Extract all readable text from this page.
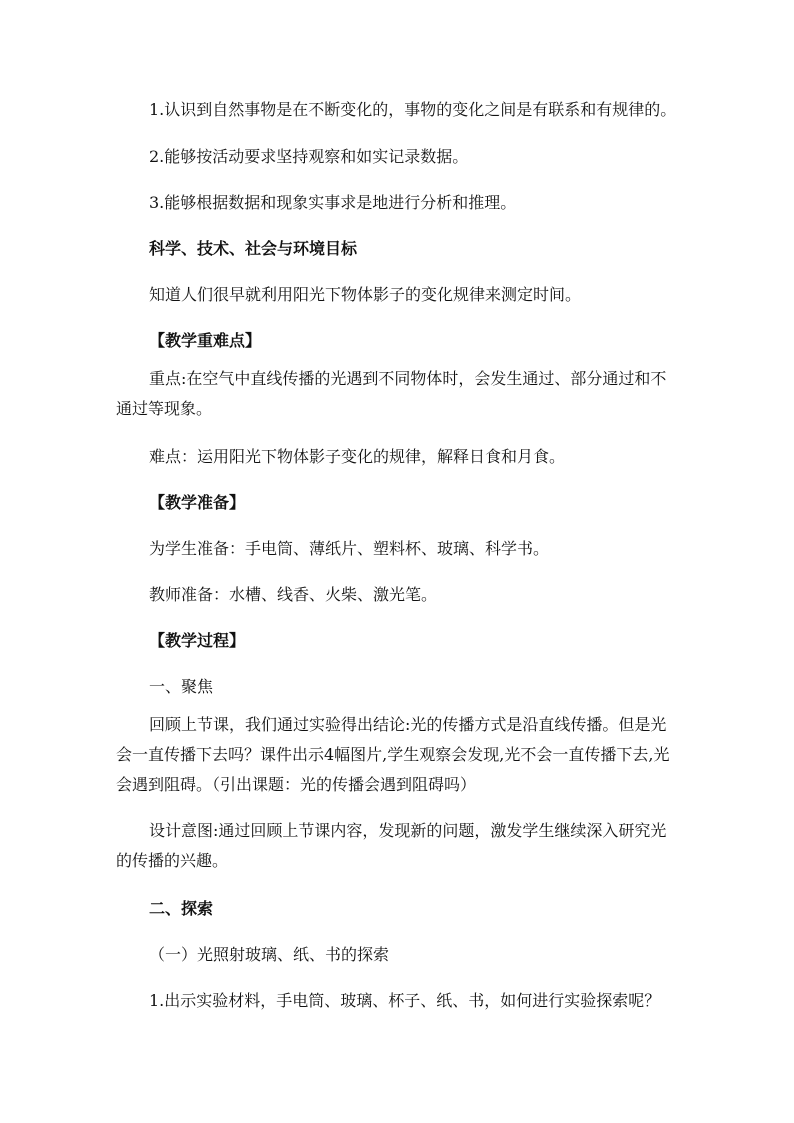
1.认识到自然事物是在不断变化的，事物的变化之间是有联系和有规律的。
2.能够按活动要求坚持观察和如实记录数据。
3.能够根据数据和现象实事求是地进行分析和推理。
科学、技术、社会与环境目标
知道人们很早就利用阳光下物体影子的变化规律来测定时间。
【教学重难点】
重点:在空气中直线传播的光遇到不同物体时，会发生通过、部分通过和不通过等现象。
难点：运用阳光下物体影子变化的规律，解释日食和月食。
【教学准备】
为学生准备：手电筒、薄纸片、塑料杯、玻璃、科学书。
教师准备：水槽、线香、火柴、激光笔。
【教学过程】
一、聚焦
回顾上节课，我们通过实验得出结论:光的传播方式是沿直线传播。但是光会一直传播下去吗？课件出示4幅图片,学生观察会发现,光不会一直传播下去,光会遇到阻碍。（引出课题：光的传播会遇到阻碍吗）
设计意图:通过回顾上节课内容，发现新的问题，激发学生继续深入研究光的传播的兴趣。
二、探索
（一）光照射玻璃、纸、书的探索
1.出示实验材料，手电筒、玻璃、杯子、纸、书，如何进行实验探索呢？
